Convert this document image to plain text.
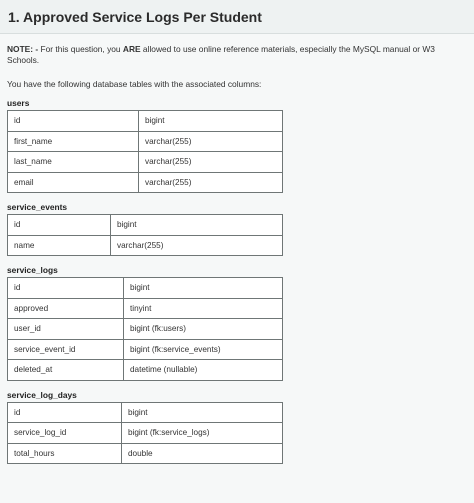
1. Approved Service Logs Per Student
NOTE: - For this question, you ARE allowed to use online reference materials, especially the MySQL manual or W3 Schools.
You have the following database tables with the associated columns:
users
id	bigint
first_name	varchar(255)
last_name	varchar(255)
email	varchar(255)
service_events
id	bigint
name	varchar(255)
service_logs
id	bigint
approved	tinyint
user_id	bigint (fk:users)
service_event_id	bigint (fk:service_events)
deleted_at	datetime (nullable)
service_log_days
id	bigint
service_log_id	bigint (fk:service_logs)
total_hours	double
